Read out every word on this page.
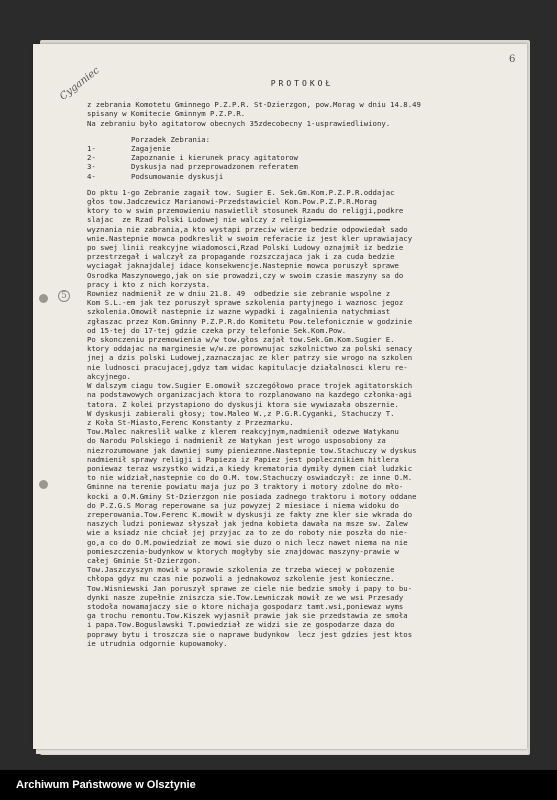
6
Cyganiec
5
PROTOKOŁ
z zebrania Komotetu Gminnego P.Z.P.R. St-Dzierzgon, pow.Morag w dniu 14.8.49
spisany w Komitecie Gminnym P.Z.P.R.
Na zebraniu było agitatorow obecnych 35zdecobecny 1-usprawiedliwiony.
Porzadek Zebrania:
1-	Zagajenie
2-	Zapoznanie i kierunek pracy agitatorow
3-	Dyskusja nad przeprowadzonem referatem
4-	Podsumowanie dyskusji
Do pktu 1-go Zebranie zagaił tow. Sugier E. Sek.Gm.Kom.P.Z.P.R.oddajac
głos tow.Jadczewicz Marianowi-Przedstawiciel Kom.Pow.P.Z.P.R.Morag
ktory to w swim przemowieniu naswietlił stosunek Rzadu do religji,podkre
slajac  ze Rzad Polski Ludowej nie walczy z religia
wyznania nie zabrania,a kto wystapi przeciw wierze bedzie odpowiedał sado
wnie.Nastepnie mowca podkreslił w swoim referacie iz jest kler uprawiajacy
po swej linii reakcyjne wiadomosci,Rzad Polski Ludowy oznajmił iz bedzie
przestrzegał i walczył za propagande rozszczajaca jak i za cuda bedzie
wyciagał jaknajdalej idace konsekwencje.Nastepnie mowca poruszył sprawe
Osrodka Maszynowego,jak on sie prowadzi,czy w swoim czasie maszyny sa do
pracy i kto z nich korzysta.
Rowniez nadmienił ze w dniu 21.8. 49  odbedzie sie zebranie wspolne z
Kom S.L.-em jak tez poruszył sprawe szkolenia partyjnego i waznosc jegoz
szkolenia.Omowił nastepnie iz wazne wypadki i zagalnienia natychmiast
zgłaszac przez Kom.Gminny P.Z.P.R.do Komitetu Pow.telefonicznie w godzinie
od 15-tej do 17-tej gdzie czeka przy telefonie Sek.Kom.Pow.
Po skonczeniu przemowienia w/w tow.głos zajał tow.Sek.Gm.Kom.Sugier E.
ktory oddajac na marginesie w/w.ze porownujac szkolnictwo za polski senacy
jnej a dzis polski Ludowej,zaznaczajac ze kler patrzy sie wrogo na szkolen
nie ludnosci pracujacej,gdyz tam widac kapitulacje działalnosci kleru re-
akcyjnego.
W dalszym ciagu tow.Sugier E.omowił szczegółowo prace trojek agitatorskich
na podstawowych organizacjach ktora to rozplanowano na kazdego członka-agi
tatora. Z kolei przystapiono do dyskusji ktora sie wywiazała obszernie.
W dyskusji zabierali głosy; tow.Maleo W.,z P.G.R.Cyganki, Stachuczy T.
z Koła St-Miasto,Ferenc Konstanty z Przezmarku.
Tow.Malec nakreslił walke z klerem reakcyjnym,nadmienił odezwe Watykanu
do Narodu Polskiego i nadmienił ze Watykan jest wrogo usposobiony za
niezrozumowane jak dawniej sumy pienieznne.Nastepnie tow.Stachuczy w dyskus
nadmienił sprawy religji i Papieza iz Papiez jest poplecznikiem hitlera
poniewaz teraz wszystko widzi,a kiedy krematoria dymiły dymem ciał ludzkic
to nie widział,nastepnie co do O.M. tow.Stachuczy oswiadczył: ze inne O.M.
Gminne na terenie powiatu maja juz po 3 traktory i motory zdolne do mło-
kocki a O.M.Gminy St-Dzierzgon nie posiada zadnego traktoru i motory oddane
do P.Z.G.S Morag reperowane sa juz powyzej 2 miesiace i niema widoku do
zreperowania.Tow.Ferenc K.mowił w dyskusji ze fakty zne kler sie wkrada do
naszych ludzi poniewaz słyszał jak jedna kobieta dawała na msze sw. Zalew
wie a ksiadz nie chciał jej przyjac za to ze do roboty nie poszła do nie-
go,a co do O.M.powiedział ze mowi sie duzo o nich lecz nawet niema na nie
pomieszczenia-budynkow w ktorych mogłyby sie znajdowac maszyny-prawie w
całej Gminie St-Dzierzgon.
Tow.Jaszczyszyn mowił w sprawie szkolenia ze trzeba wiecej w połozenie
chłopa gdyz mu czas nie pozwoli a jednakowoz szkolenie jest konieczne.
Tow.Wisniewski Jan poruszył sprawe ze ciele nie bedzie smoły i papy to bu-
dynki nasze zupełnie zniszcza sie.Tow.Lewniczak mowił ze we wsi Przesady
stodoła nowamajaczy sie o ktore nichaja gospodarz tamt.wsi,poniewaz wyms
ga trochu remontu.Tow.Kiszek wyjasnił prawie jak sie przedstawia ze smoła
i papa.Tow.Boguslawski T.powiedział ze widzi sie ze gospodarze daza do
poprawy bytu i troszcza sie o naprawe budynkow  lecz jest gdzies jest ktos
ie utrudnia odgornie kupowamoky.
Archiwum Państwowe w Olsztynie
